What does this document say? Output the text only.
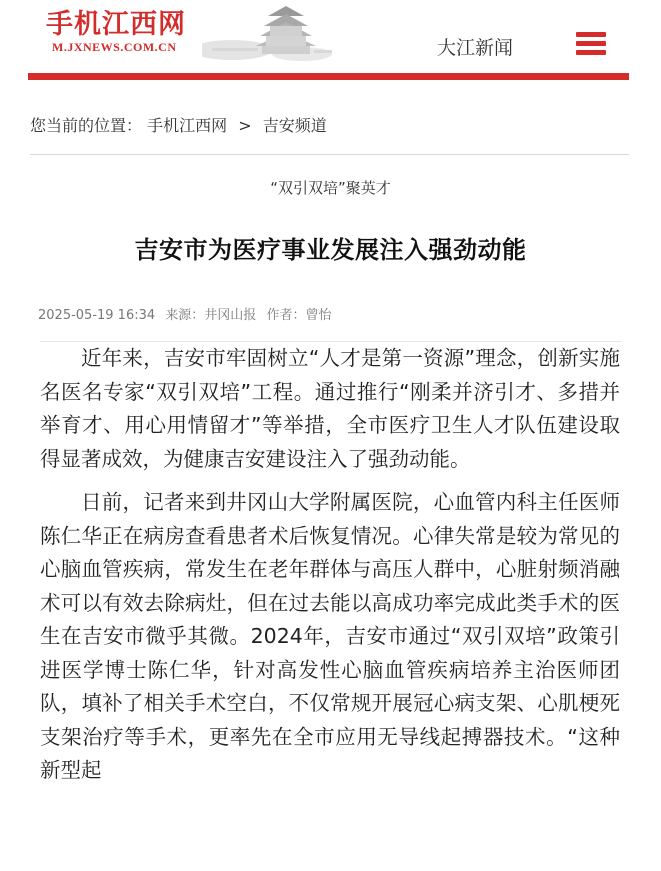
手机江西网
M.JXNEWS.COM.CN	大江新闻
您当前的位置： 手机江西网 > 吉安频道
“双引双培”聚英才
吉安市为医疗事业发展注入强劲动能
2025-05-19 16:34 来源：井冈山报 作者：曾怡

近年来，吉安市牢固树立“人才是第一资源”理念，创新实施名医名专家“双引双培”工程。通过推行“刚柔并济引才、多措并举育才、用心用情留才”等举措，全市医疗卫生人才队伍建设取得显著成效，为健康吉安建设注入了强劲动能。

日前，记者来到井冈山大学附属医院，心血管内科主任医师陈仁华正在病房查看患者术后恢复情况。心律失常是较为常见的心脑血管疾病，常发生在老年群体与高压人群中，心脏射频消融术可以有效去除病灶，但在过去能以高成功率完成此类手术的医生在吉安市微乎其微。2024年，吉安市通过“双引双培”政策引进医学博士陈仁华，针对高发性心脑血管疾病培养主治医师团队，填补了相关手术空白，不仅常规开展冠心病支架、心肌梗死支架治疗等手术，更率先在全市应用无导线起搏器技术。“这种新型起
